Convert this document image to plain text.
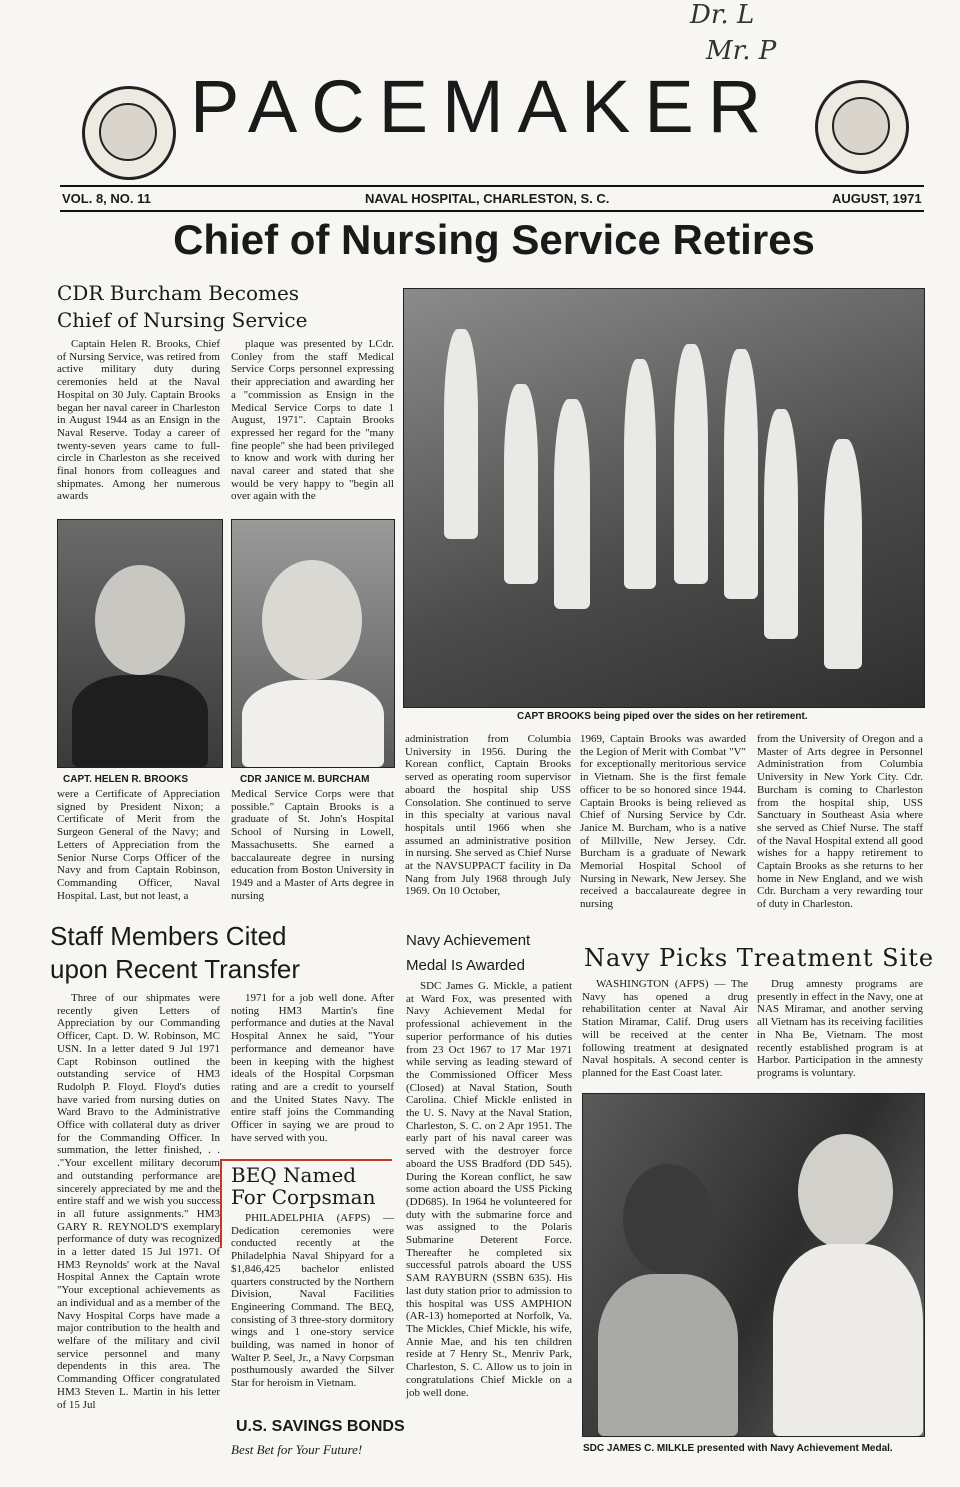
Dr. L
Mr. P
PACEMAKER
VOL. 8, NO. 11	NAVAL HOSPITAL, CHARLESTON, S. C.	AUGUST, 1971
Chief of Nursing Service Retires
CDR Burcham Becomes
Chief of Nursing Service

Captain Helen R. Brooks, Chief of Nursing Service, was retired from active military duty during ceremonies held at the Naval Hospital on 30 July. Captain Brooks began her naval career in Charleston in August 1944 as an Ensign in the Naval Reserve. Today a career of twenty-seven years came to full-circle in Charleston as she received final honors from colleagues and shipmates. Among her numerous awards

plaque was presented by LCdr. Conley from the staff Medical Service Corps personnel expressing their appreciation and awarding her a "commission as Ensign in the Medical Service Corps to date 1 August, 1971". Captain Brooks expressed her regard for the "many fine people" she had been privileged to know and work with during her naval career and stated that she would be very happy to "begin all over again with the

CAPT BROOKS being piped over the sides on her retirement.
CAPT. HELEN R. BROOKS	CDR JANICE M. BURCHAM

were a Certificate of Appreciation signed by President Nixon; a Certificate of Merit from the Surgeon General of the Navy; and Letters of Appreciation from the Senior Nurse Corps Officer of the Navy and from Captain Robinson, Commanding Officer, Naval Hospital. Last, but not least, a

Medical Service Corps were that possible." Captain Brooks is a graduate of St. John's Hospital School of Nursing in Lowell, Massachusetts. She earned a baccalaureate degree in nursing education from Boston University in 1949 and a Master of Arts degree in nursing

administration from Columbia University in 1956. During the Korean conflict, Captain Brooks served as operating room supervisor aboard the hospital ship USS Consolation. She continued to serve in this specialty at various naval hospitals until 1966 when she assumed an administrative position in nursing. She served as Chief Nurse at the NAVSUPPACT facility in Da Nang from July 1968 through July 1969. On 10 October,

1969, Captain Brooks was awarded the Legion of Merit with Combat "V" for exceptionally meritorious service in Vietnam. She is the first female officer to be so honored since 1944. Captain Brooks is being relieved as Chief of Nursing Service by Cdr. Janice M. Burcham, who is a native of Millville, New Jersey. Cdr. Burcham is a graduate of Newark Memorial Hospital School of Nursing in Newark, New Jersey. She received a baccalaureate degree in nursing

from the University of Oregon and a Master of Arts degree in Personnel Administration from Columbia University in New York City. Cdr. Burcham is coming to Charleston from the hospital ship, USS Sanctuary in Southeast Asia where she served as Chief Nurse. The staff of the Naval Hospital extend all good wishes for a happy retirement to Captain Brooks as she returns to her home in New England, and we wish Cdr. Burcham a very rewarding tour of duty in Charleston.

Staff Members Cited
upon Recent Transfer

Three of our shipmates were recently given Letters of Appreciation by our Commanding Officer, Capt. D. W. Robinson, MC USN. In a letter dated 9 Jul 1971 Capt Robinson outlined the outstanding service of HM3 Rudolph P. Floyd. Floyd's duties have varied from nursing duties on Ward Bravo to the Administrative Office with collateral duty as driver for the Commanding Officer. In summation, the letter finished, . . ."Your excellent military decorum and outstanding performance are sincerely appreciated by me and the entire staff and we wish you success in all future assignments." HM3 GARY R. REYNOLD'S exemplary performance of duty was recognized in a letter dated 15 Jul 1971. Of HM3 Reynolds' work at the Naval Hospital Annex the Captain wrote "Your exceptional achievements as an individual and as a member of the Navy Hospital Corps have made a major contribution to the health and welfare of the military and civil service personnel and many dependents in this area. The Commanding Officer congratulated HM3 Steven L. Martin in his letter of 15 Jul

1971 for a job well done. After noting HM3 Martin's fine performance and duties at the Naval Hospital Annex he said, "Your performance and demeanor have been in keeping with the highest ideals of the Hospital Corpsman rating and are a credit to yourself and the United States Navy. The entire staff joins the Commanding Officer in saying we are proud to have served with you.

BEQ Named
For Corpsman

PHILADELPHIA (AFPS) — Dedication ceremonies were conducted recently at the Philadelphia Naval Shipyard for a $1,846,425 bachelor enlisted quarters constructed by the Northern Division, Naval Facilities Engineering Command. The BEQ, consisting of 3 three-story dormitory wings and 1 one-story service building, was named in honor of Walter P. Seel, Jr., a Navy Corpsman posthumously awarded the Silver Star for heroism in Vietnam.

U.S. SAVINGS BONDS
Best Bet for Your Future!
Navy Achievement
Medal Is Awarded

SDC James G. Mickle, a patient at Ward Fox, was presented with Navy Achievement Medal for professional achievement in the superior performance of his duties from 23 Oct 1967 to 17 Mar 1971 while serving as leading steward of the Commissioned Officer Mess (Closed) at Naval Station, South Carolina. Chief Mickle enlisted in the U. S. Navy at the Naval Station, Charleston, S. C. on 2 Apr 1951. The early part of his naval career was served with the destroyer force aboard the USS Bradford (DD 545). During the Korean conflict, he saw some action aboard the USS Picking (DD685). In 1964 he volunteered for duty with the submarine force and was assigned to the Polaris Submarine Deterent Force. Thereafter he completed six successful patrols aboard the USS SAM RAYBURN (SSBN 635). His last duty station prior to admission to this hospital was USS AMPHION (AR-13) homeported at Norfolk, Va. The Mickles, Chief Mickle, his wife, Annie Mae, and his ten children reside at 7 Henry St., Menriv Park, Charleston, S. C. Allow us to join in congratulations Chief Mickle on a job well done.

Navy Picks Treatment Site

WASHINGTON (AFPS) — The Navy has opened a drug rehabilitation center at Naval Air Station Miramar, Calif. Drug users will be received at the center following treatment at designated Naval hospitals. A second center is planned for the East Coast later.

Drug amnesty programs are presently in effect in the Navy, one at NAS Miramar, and another serving all Vietnam has its receiving facilities in Nha Be, Vietnam. The most recently established program is at Harbor. Participation in the amnesty programs is voluntary.

SDC JAMES C. MILKLE presented with Navy Achievement Medal.
